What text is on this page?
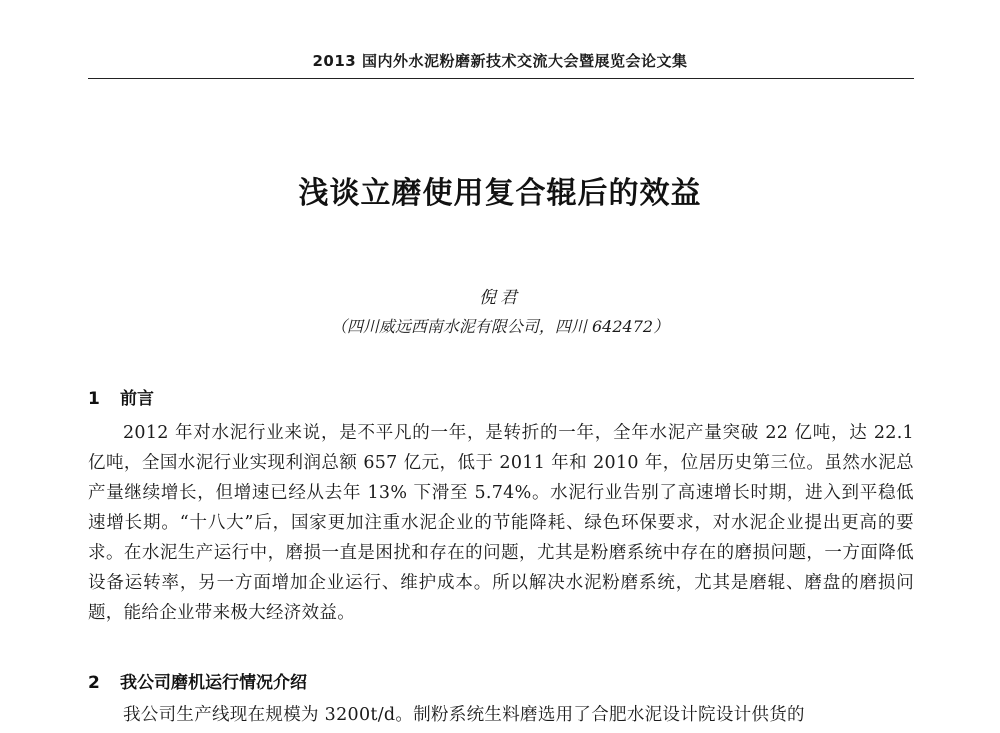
2013 国内外水泥粉磨新技术交流大会暨展览会论文集
浅谈立磨使用复合辊后的效益
倪君
（四川威远西南水泥有限公司，四川 642472）
1 前言
2012 年对水泥行业来说，是不平凡的一年，是转折的一年，全年水泥产量突破 22 亿吨，达 22.1 亿吨，全国水泥行业实现利润总额 657 亿元，低于 2011 年和 2010 年，位居历史第三位。虽然水泥总产量继续增长，但增速已经从去年 13% 下滑至 5.74%。水泥行业告别了高速增长时期，进入到平稳低速增长期。“十八大”后，国家更加注重水泥企业的节能降耗、绿色环保要求，对水泥企业提出更高的要求。在水泥生产运行中，磨损一直是困扰和存在的问题，尤其是粉磨系统中存在的磨损问题，一方面降低设备运转率，另一方面增加企业运行、维护成本。所以解决水泥粉磨系统，尤其是磨辊、磨盘的磨损问题，能给企业带来极大经济效益。
2 我公司磨机运行情况介绍
我公司生产线现在规模为 3200t/d。制粉系统生料磨选用了合肥水泥设计院设计供货的
